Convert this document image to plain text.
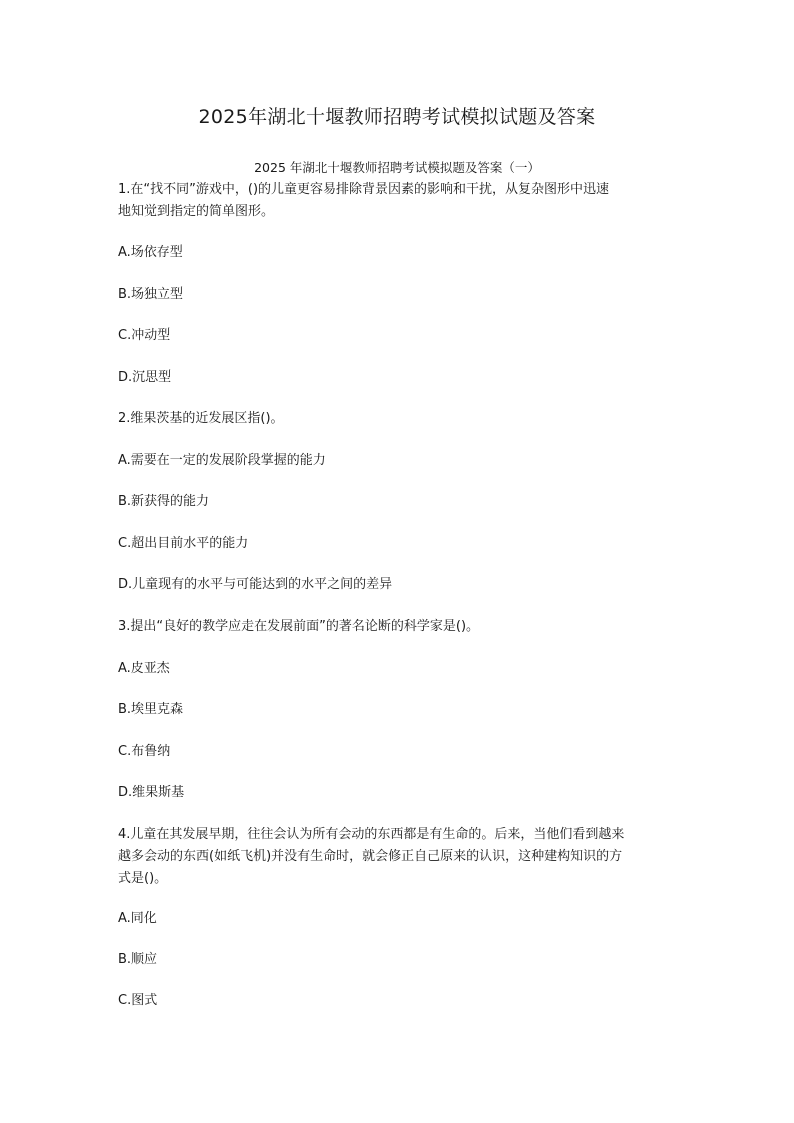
2025年湖北十堰教师招聘考试模拟试题及答案
2025 年湖北十堰教师招聘考试模拟题及答案（一）
1.在“找不同”游戏中，()的儿童更容易排除背景因素的影响和干扰，从复杂图形中迅速
地知觉到指定的简单图形。
A.场依存型
B.场独立型
C.冲动型
D.沉思型
2.维果茨基的近发展区指()。
A.需要在一定的发展阶段掌握的能力
B.新获得的能力
C.超出目前水平的能力
D.儿童现有的水平与可能达到的水平之间的差异
3.提出“良好的教学应走在发展前面”的著名论断的科学家是()。
A.皮亚杰
B.埃里克森
C.布鲁纳
D.维果斯基
4.儿童在其发展早期，往往会认为所有会动的东西都是有生命的。后来，当他们看到越来
越多会动的东西(如纸飞机)并没有生命时，就会修正自己原来的认识，这种建构知识的方
式是()。
A.同化
B.顺应
C.图式
